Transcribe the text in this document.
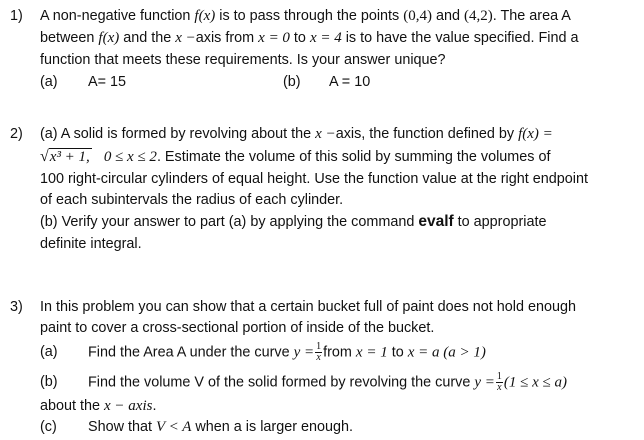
1) A non-negative function f(x) is to pass through the points (0,4) and (4,2). The area A
between f(x) and the x −axis from x = 0 to x = 4 is to have the value specified. Find a
function that meets these requirements. Is your answer unique?
(a) A= 15	(b) A = 10
2) (a) A solid is formed by revolving about the x −axis, the function defined by f(x) =
√x³ + 1, 0 ≤ x ≤ 2. Estimate the volume of this solid by summing the volumes of
100 right-circular cylinders of equal height. Use the function value at the right endpoint
of each subintervals the radius of each cylinder.
(b) Verify your answer to part (a) by applying the command evalf to appropriate
definite integral.
3) In this problem you can show that a certain bucket full of paint does not hold enough
paint to cover a cross-sectional portion of inside of the bucket.
(a) Find the Area A under the curve $y = \frac{1}{x}$ from x = 1 to x = a (a > 1)
(b) Find the volume V of the solid formed by revolving the curve $y = \frac{1}{x} (1 \le x \le a)$
about the x − axis.
(c) Show that V < A when a is larger enough.
